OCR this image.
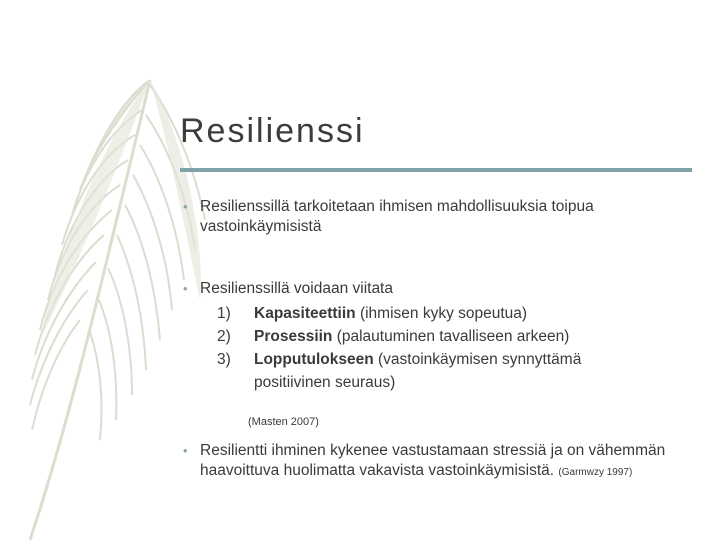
Resilienssi
• Resilienssillä tarkoitetaan ihmisen mahdollisuuksia toipua vastoinkäymisistä
• Resilienssillä voidaan viitata
1)	Kapasiteettiin (ihmisen kyky sopeutua)
2)	Prosessiin (palautuminen tavalliseen arkeen)
3)	Lopputulokseen (vastoinkäymisen synnyttämä
positiivinen seuraus)
(Masten 2007)
• Resilientti ihminen kykenee vastustamaan stressiä ja on vähemmän haavoittuva huolimatta vakavista vastoinkäymisistä. (Garmwzy 1997)
